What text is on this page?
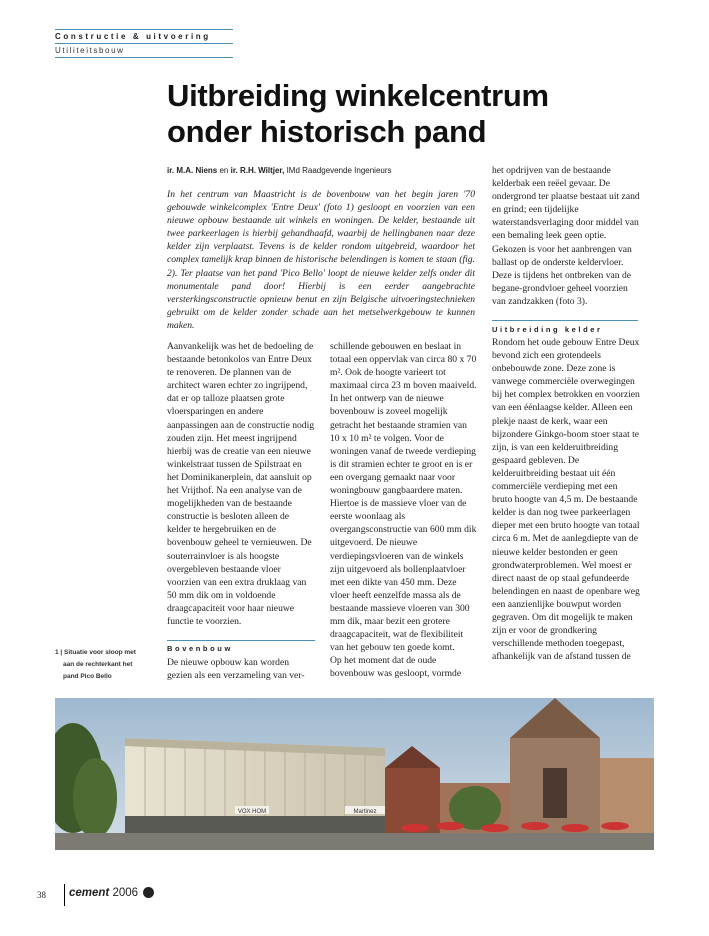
Constructie & uitvoering
Utiliteitsbouw
Uitbreiding winkelcentrum
onder historisch pand
ir. M.A. Niens en ir. R.H. Wiltjer, IMd Raadgevende Ingenieurs
In het centrum van Maastricht is de bovenbouw van het begin jaren '70 gebouwde winkelcomplex 'Entre Deux' (foto 1) gesloopt en voorzien van een nieuwe opbouw bestaande uit winkels en woningen. De kelder, bestaande uit twee parkeerlagen is hierbij gehandhaafd, waarbij de hellingbanen naar deze kelder zijn verplaatst. Tevens is de kelder rondom uitgebreid, waardoor het complex tamelijk krap binnen de historische belendingen is komen te staan (fig. 2). Ter plaatse van het pand 'Pico Bello' loopt de nieuwe kelder zelfs onder dit monumentale pand door! Hierbij is een eerder aangebrachte versterkingsconstructie opnieuw benut en zijn Belgische uitvoeringstechnieken gebruikt om de kelder zonder schade aan het metselwerkgebouw te kunnen maken.
Aanvankelijk was het de bedoeling de bestaande betonkolos van Entre Deux te renoveren. De plannen van de architect waren echter zo ingrijpend, dat er op talloze plaatsen grote vloersparingen en andere aanpassingen aan de constructie nodig zouden zijn. Het meest ingrijpend hierbij was de creatie van een nieuwe winkelstraat tussen de Spilstraat en het Dominikanerplein, dat aansluit op het Vrijthof. Na een analyse van de mogelijkheden van de bestaande constructie is besloten alleen de kelder te hergebruiken en de bovenbouw geheel te vernieuwen. De souterrainvloer is als hoogste overgebleven bestaande vloer voorzien van een extra druklaag van 50 mm dik om in voldoende draagcapaciteit voor haar nieuwe functie te voorzien.
Bovenbouw
De nieuwe opbouw kan worden gezien als een verzameling van ver-
schillende gebouwen en beslaat in totaal een oppervlak van circa 80 x 70 m². Ook de hoogte varieert tot maximaal circa 23 m boven maaiveld. In het ontwerp van de nieuwe bovenbouw is zoveel mogelijk getracht het bestaande stramien van 10 x 10 m² te volgen. Voor de woningen vanaf de tweede verdieping is dit stramien echter te groot en is er een overgang gemaakt naar voor woningbouw gangbaardere maten. Hiertoe is de massieve vloer van de eerste woonlaag als overgangsconstructie van 600 mm dik uitgevoerd. De nieuwe verdiepingsvloeren van de winkels zijn uitgevoerd als bollenplaatvloer met een dikte van 450 mm. Deze vloer heeft eenzelfde massa als de bestaande massieve vloeren van 300 mm dik, maar bezit een grotere draagcapaciteit, wat de flexibiliteit van het gebouw ten goede komt.
Op het moment dat de oude bovenbouw was gesloopt, vormde
het opdrijven van de bestaande kelderbak een reëel gevaar. De ondergrond ter plaatse bestaat uit zand en grind; een tijdelijke waterstandsverlaging door middel van een bemaling leek geen optie. Gekozen is voor het aanbrengen van ballast op de onderste keldervloer. Deze is tijdens het ontbreken van de begane-grondvloer geheel voorzien van zandzakken (foto 3).
Uitbreiding kelder
Rondom het oude gebouw Entre Deux bevond zich een grotendeels onbebouwde zone. Deze zone is vanwege commerciële overwegingen bij het complex betrokken en voorzien van een éénlaagse kelder. Alleen een plekje naast de kerk, waar een bijzondere Ginkgo-boom stoer staat te zijn, is van een kelderuitbreiding gespaard gebleven. De kelderuitbreiding bestaat uit één commerciële verdieping met een bruto hoogte van 4,5 m. De bestaande kelder is dan nog twee parkeerlagen dieper met een bruto hoogte van totaal circa 6 m. Met de aanlegdiepte van de nieuwe kelder bestonden er geen grondwaterproblemen. Wel moest er direct naast de op staal gefundeerde belendingen en naast de openbare weg een aanzienlijke bouwput worden gegraven. Om dit mogelijk te maken zijn er voor de grondkering verschillende methoden toegepast, afhankelijk van de afstand tussen de
1 | Situatie voor sloop met
aan de rechterkant het
pand Pico Bello
VOX HOM	Martinez
38 cement 2006
